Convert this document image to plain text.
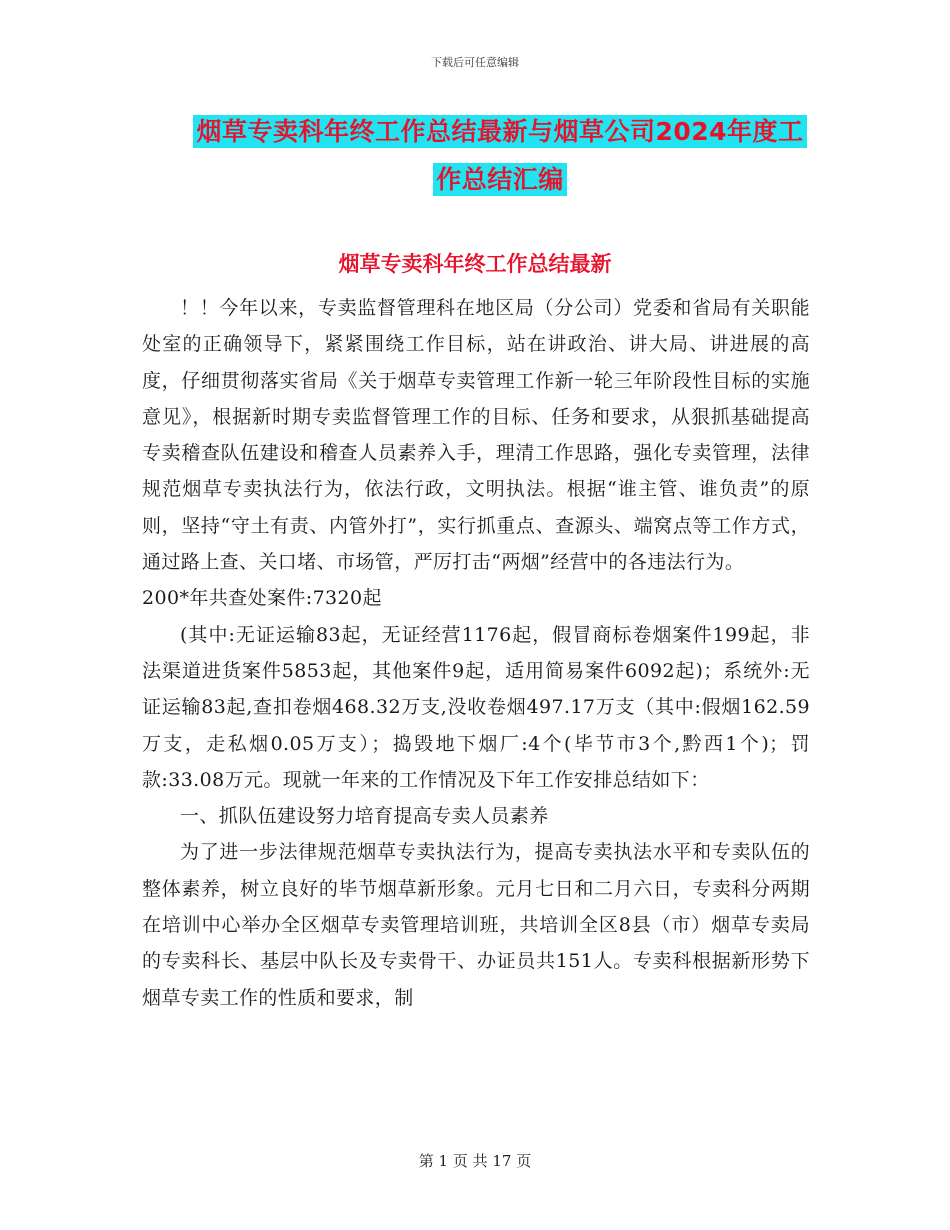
下载后可任意编辑
烟草专卖科年终工作总结最新与烟草公司2024年度工作总结汇编
烟草专卖科年终工作总结最新

！！今年以来，专卖监督管理科在地区局（分公司）党委和省局有关职能处室的正确领导下，紧紧围绕工作目标，站在讲政治、讲大局、讲进展的高度，仔细贯彻落实省局《关于烟草专卖管理工作新一轮三年阶段性目标的实施意见》，根据新时期专卖监督管理工作的目标、任务和要求，从狠抓基础提高专卖稽查队伍建设和稽查人员素养入手，理清工作思路，强化专卖管理，法律规范烟草专卖执法行为，依法行政，文明执法。根据“谁主管、谁负责”的原则，坚持“守土有责、内管外打”，实行抓重点、查源头、端窝点等工作方式，通过路上查、关口堵、市场管，严厉打击“两烟”经营中的各违法行为。

200*年共查处案件:7320起

(其中:无证运输83起，无证经营1176起，假冒商标卷烟案件199起，非法渠道进货案件5853起，其他案件9起，适用简易案件6092起)；系统外:无证运输83起,查扣卷烟468.32万支,没收卷烟497.17万支（其中:假烟162.59万支，走私烟0.05万支）；捣毁地下烟厂:4个(毕节市3个,黔西1个)；罚款:33.08万元。现就一年来的工作情况及下年工作安排总结如下：

一、抓队伍建设努力培育提高专卖人员素养

为了进一步法律规范烟草专卖执法行为，提高专卖执法水平和专卖队伍的整体素养，树立良好的毕节烟草新形象。元月七日和二月六日，专卖科分两期在培训中心举办全区烟草专卖管理培训班，共培训全区8县（市）烟草专卖局的专卖科长、基层中队长及专卖骨干、办证员共151人。专卖科根据新形势下烟草专卖工作的性质和要求，制

第 1 页 共 17 页
